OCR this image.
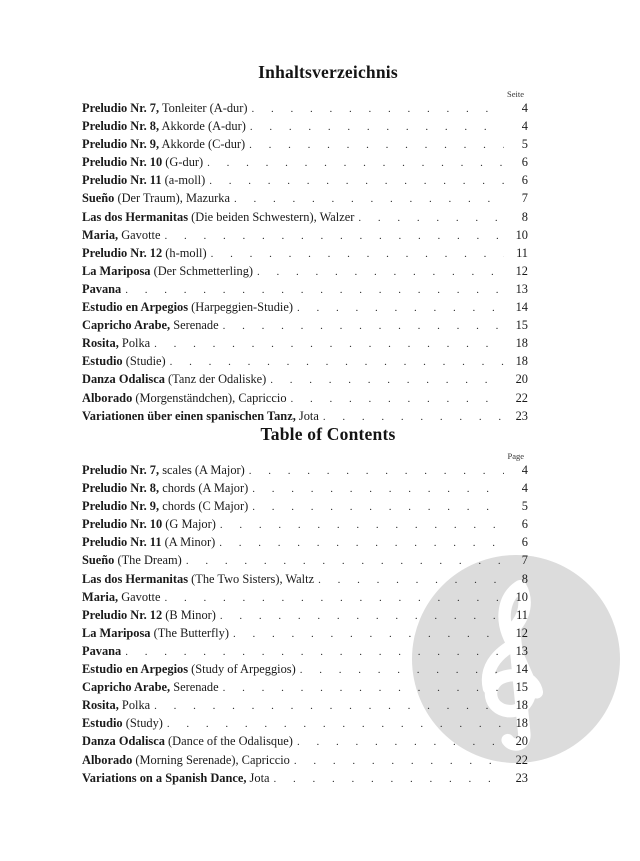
Inhaltsverzeichnis
Seite
Preludio Nr. 7, Tonleiter (A-dur) . . .	4
Preludio Nr. 8, Akkorde (A-dur) . . .	4
Preludio Nr. 9, Akkorde (C-dur) . . .	5
Preludio Nr. 10 (G-dur) . . .	6
Preludio Nr. 11 (a-moll) . . .	6
Sueño (Der Traum), Mazurka . . .	7
Las dos Hermanitas (Die beiden Schwestern), Walzer . . .	8
Maria, Gavotte . . .	10
Preludio Nr. 12 (h-moll) . . .	11
La Mariposa (Der Schmetterling) . . .	12
Pavana . . .	13
Estudio en Arpegios (Harpeggien-Studie) . . .	14
Capricho Arabe, Serenade . . .	15
Rosita, Polka . . .	18
Estudio (Studie) . . .	18
Danza Odalisca (Tanz der Odaliske) . . .	20
Alborado (Morgenständchen), Capriccio . . .	22
Variationen über einen spanischen Tanz, Jota . . .	23
Table of Contents
Page
Preludio Nr. 7, scales (A Major) . . .	4
Preludio Nr. 8, chords (A Major) . . .	4
Preludio Nr. 9, chords (C Major) . . .	5
Preludio Nr. 10 (G Major) . . .	6
Preludio Nr. 11 (A Minor) . . .	6
Sueño (The Dream) . . .	7
Las dos Hermanitas (The Two Sisters), Waltz . . .	8
Maria, Gavotte . . .	10
Preludio Nr. 12 (B Minor) . . .	11
La Mariposa (The Butterfly) . . .	12
Pavana . . .	13
Estudio en Arpegios (Study of Arpeggios) . . .	14
Capricho Arabe, Serenade . . .	15
Rosita, Polka . . .	18
Estudio (Study) . . .	18
Danza Odalisca (Dance of the Odalisque) . . .	20
Alborado (Morning Serenade), Capriccio . . .	22
Variations on a Spanish Dance, Jota . . .	23
